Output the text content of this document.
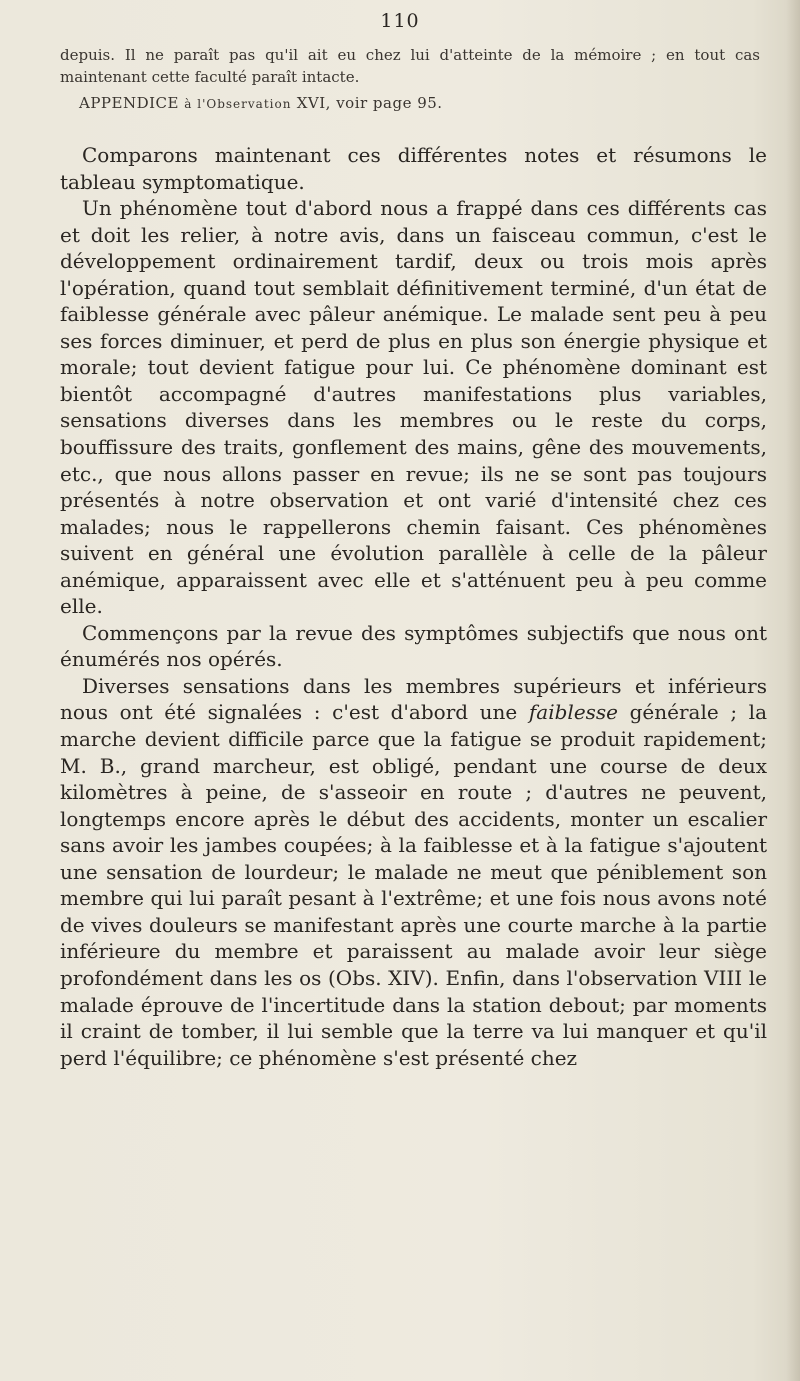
110
depuis. Il ne paraît pas qu'il ait eu chez lui d'atteinte de la mémoire ; en tout cas maintenant cette faculté paraît intacte.
APPENDICE à l'Observation XVI, voir page 95.

Comparons maintenant ces différentes notes et résumons le tableau symptomatique.

Un phénomène tout d'abord nous a frappé dans ces différents cas et doit les relier, à notre avis, dans un faisceau commun, c'est le développement ordinairement tardif, deux ou trois mois après l'opération, quand tout semblait définitivement terminé, d'un état de faiblesse générale avec pâleur anémique. Le malade sent peu à peu ses forces diminuer, et perd de plus en plus son énergie physique et morale; tout devient fatigue pour lui. Ce phénomène dominant est bientôt accompagné d'autres manifestations plus variables, sensations diverses dans les membres ou le reste du corps, bouffissure des traits, gonflement des mains, gêne des mouvements, etc., que nous allons passer en revue; ils ne se sont pas toujours présentés à notre observation et ont varié d'intensité chez ces malades; nous le rappellerons chemin faisant. Ces phénomènes suivent en général une évolution parallèle à celle de la pâleur anémique, apparaissent avec elle et s'atténuent peu à peu comme elle.

Commençons par la revue des symptômes subjectifs que nous ont énumérés nos opérés.

Diverses sensations dans les membres supérieurs et inférieurs nous ont été signalées : c'est d'abord une faiblesse générale ; la marche devient difficile parce que la fatigue se produit rapidement; M. B., grand marcheur, est obligé, pendant une course de deux kilomètres à peine, de s'asseoir en route ; d'autres ne peuvent, longtemps encore après le début des accidents, monter un escalier sans avoir les jambes coupées; à la faiblesse et à la fatigue s'ajoutent une sensation de lourdeur; le malade ne meut que péniblement son membre qui lui paraît pesant à l'extrême; et une fois nous avons noté de vives douleurs se manifestant après une courte marche à la partie inférieure du membre et paraissent au malade avoir leur siège profondément dans les os (Obs. XIV). Enfin, dans l'observation VIII le malade éprouve de l'incertitude dans la station debout; par moments il craint de tomber, il lui semble que la terre va lui manquer et qu'il perd l'équilibre; ce phénomène s'est présenté chez
